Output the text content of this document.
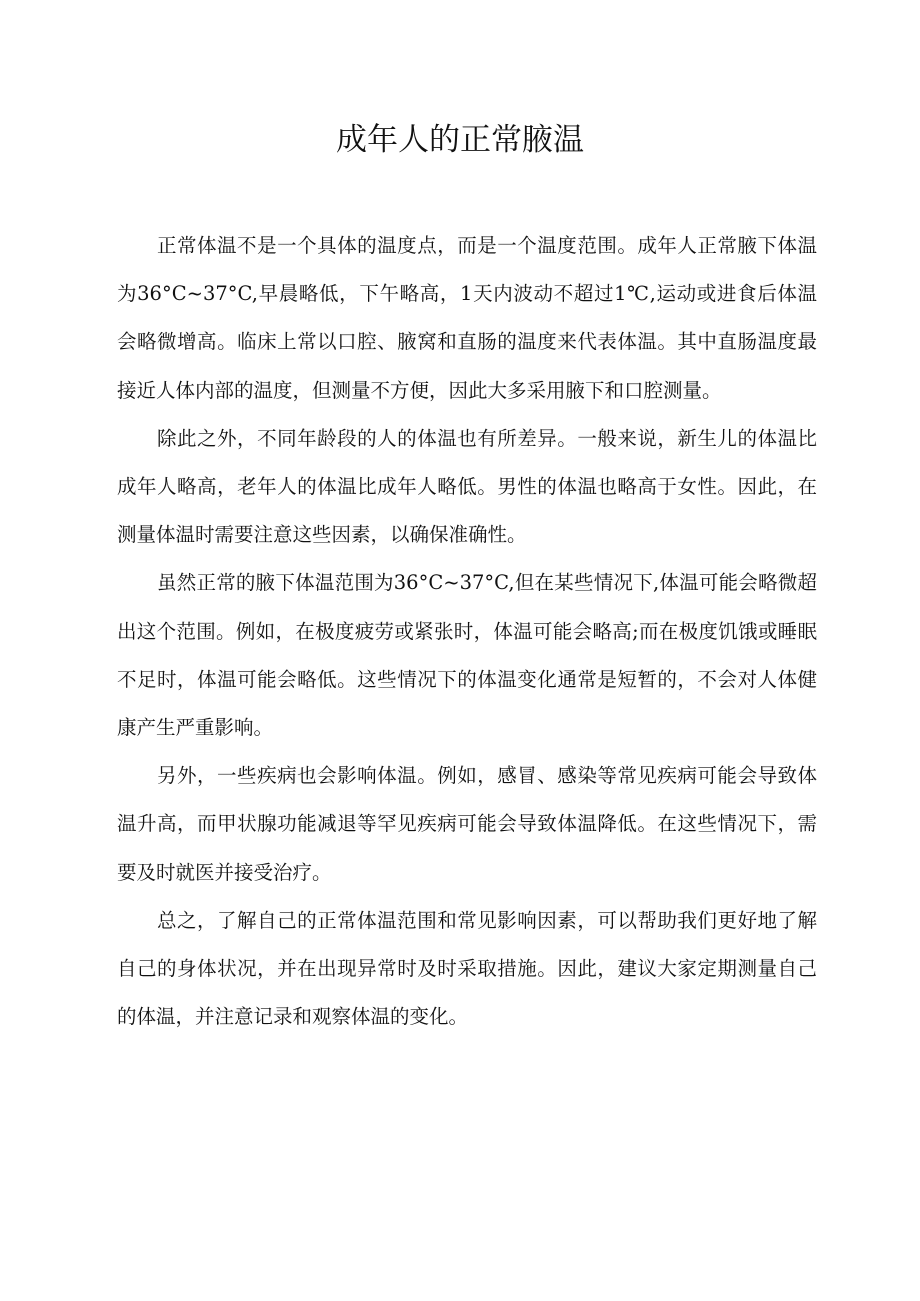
成年人的正常腋温

正常体温不是一个具体的温度点，而是一个温度范围。成年人正常腋下体温为36°C~37°C,早晨略低，下午略高，1天内波动不超过1℃,运动或进食后体温会略微增高。临床上常以口腔、腋窝和直肠的温度来代表体温。其中直肠温度最接近人体内部的温度，但测量不方便，因此大多采用腋下和口腔测量。

除此之外，不同年龄段的人的体温也有所差异。一般来说，新生儿的体温比成年人略高，老年人的体温比成年人略低。男性的体温也略高于女性。因此，在测量体温时需要注意这些因素，以确保准确性。

虽然正常的腋下体温范围为36°C~37°C,但在某些情况下,体温可能会略微超出这个范围。例如，在极度疲劳或紧张时，体温可能会略高;而在极度饥饿或睡眠不足时，体温可能会略低。这些情况下的体温变化通常是短暂的，不会对人体健康产生严重影响。

另外，一些疾病也会影响体温。例如，感冒、感染等常见疾病可能会导致体温升高，而甲状腺功能减退等罕见疾病可能会导致体温降低。在这些情况下，需要及时就医并接受治疗。

总之，了解自己的正常体温范围和常见影响因素，可以帮助我们更好地了解自己的身体状况，并在出现异常时及时采取措施。因此，建议大家定期测量自己的体温，并注意记录和观察体温的变化。
